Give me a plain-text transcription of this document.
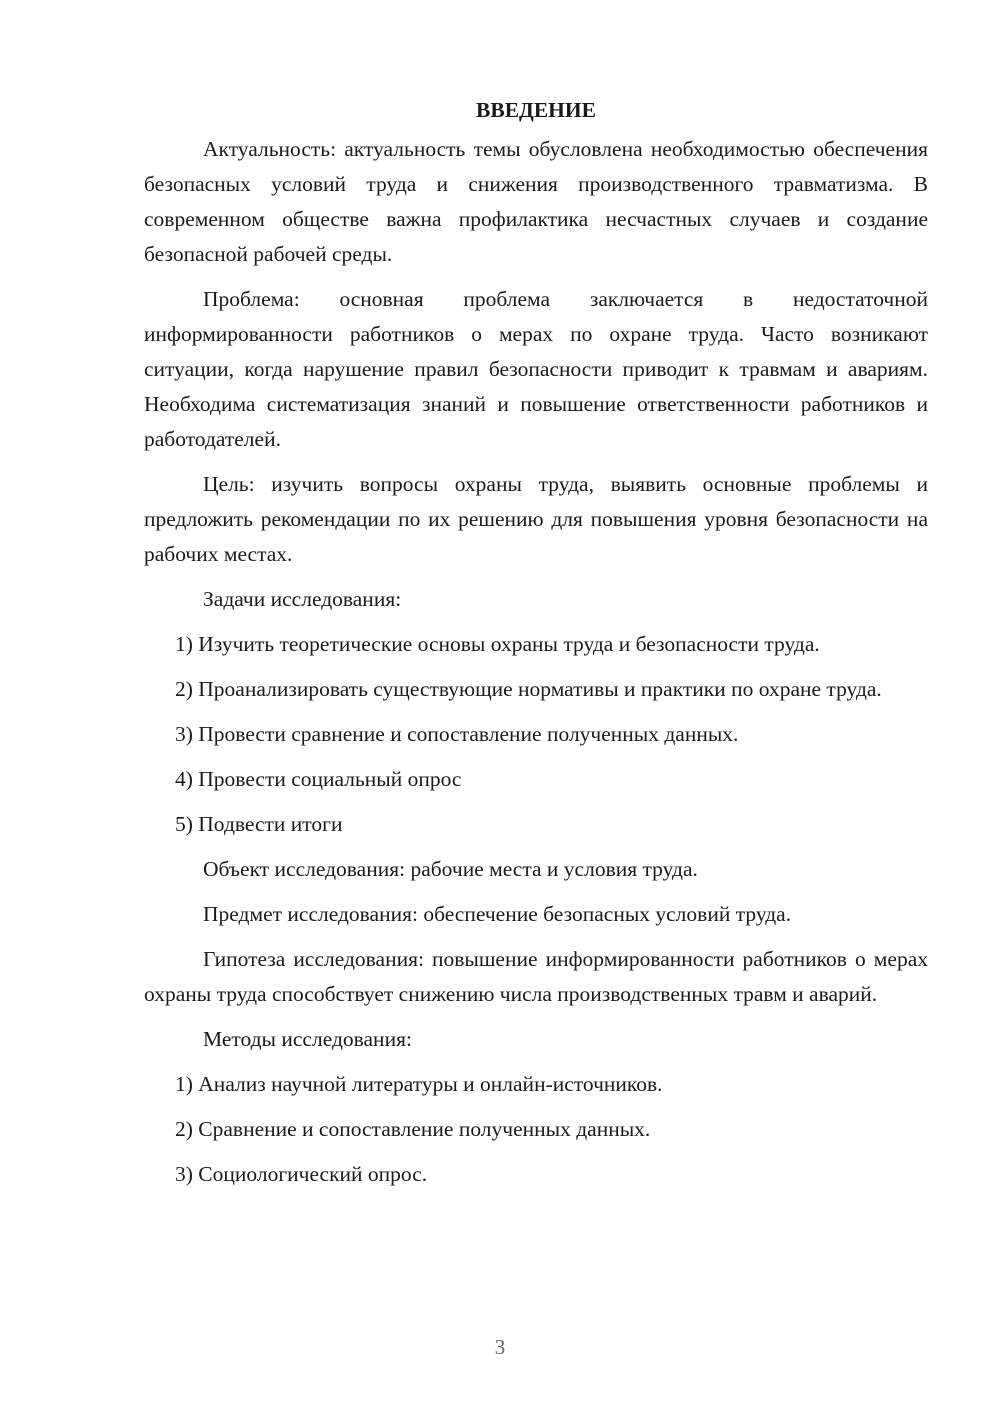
ВВЕДЕНИЕ

Актуальность: актуальность темы обусловлена необходимостью обеспечения безопасных условий труда и снижения производственного травматизма. В современном обществе важна профилактика несчастных случаев и создание безопасной рабочей среды.

Проблема: основная проблема заключается в недостаточной информированности работников о мерах по охране труда. Часто возникают ситуации, когда нарушение правил безопасности приводит к травмам и авариям. Необходима систематизация знаний и повышение ответственности работников и работодателей.

Цель: изучить вопросы охраны труда, выявить основные проблемы и предложить рекомендации по их решению для повышения уровня безопасности на рабочих местах.

Задачи исследования:

1) Изучить теоретические основы охраны труда и безопасности труда.

2) Проанализировать существующие нормативы и практики по охране труда.

3) Провести сравнение и сопоставление полученных данных.

4) Провести социальный опрос

5) Подвести итоги

Объект исследования: рабочие места и условия труда.

Предмет исследования: обеспечение безопасных условий труда.

Гипотеза исследования: повышение информированности работников о мерах охраны труда способствует снижению числа производственных травм и аварий.

Методы исследования:

1) Анализ научной литературы и онлайн-источников.

2) Сравнение и сопоставление полученных данных.

3) Социологический опрос.

3
